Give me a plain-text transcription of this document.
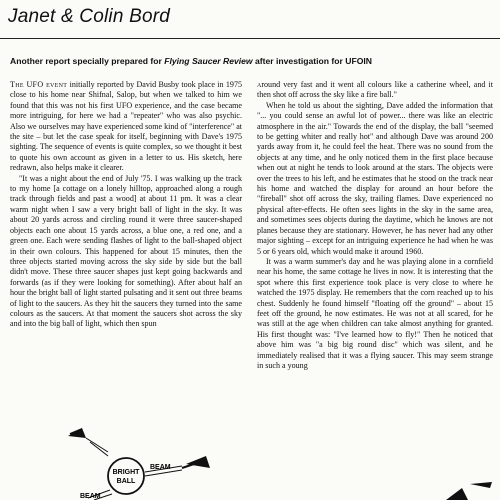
Janet & Colin Bord
Another report specially prepared for Flying Saucer Review after investigation for UFOIN

The UFO event initially reported by David Busby took place in 1975 close to his home near Shifnal, Salop, but when we talked to him we found that this was not his first UFO experience, and the case became more intriguing, for here we had a "repeater" who was also psychic. Also we ourselves may have experienced some kind of "interference" at the site – but let the case speak for itself, beginning with Dave's 1975 sighting. The sequence of events is quite complex, so we thought it best to quote his own account as given in a letter to us. His sketch, here redrawn, also helps make it clearer.

"It was a night about the end of July '75. I was walking up the track to my home [a cottage on a lonely hilltop, approached along a rough track through fields and past a wood] at about 11 pm. It was a clear warm night when I saw a very bright ball of light in the sky. It was about 20 yards across and circling round it were three saucer-shaped objects each one about 15 yards across, a blue one, a red one, and a green one. Each were sending flashes of light to the ball-shaped object in their own colours. This happened for about 15 minutes, then the three objects started moving across the sky side by side but the ball didn't move. These three saucer shapes just kept going backwards and forwards (as if they were looking for something). After about half an hour the bright ball of light started pulsating and it sent out three beams of light to the saucers. As they hit the saucers they turned into the same colours as the saucers. At that moment the saucers shot across the sky and into the big ball of light, which then spun

around very fast and it went all colours like a catherine wheel, and it then shot off across the sky like a fire ball."

When he told us about the sighting, Dave added the information that "... you could sense an awful lot of power... there was like an electric atmosphere in the air." Towards the end of the display, the ball "seemed to be getting whiter and really hot" and although Dave was around 200 yards away from it, he could feel the heat. There was no sound from the objects at any time, and he only noticed them in the first place because when out at night he tends to look around at the stars. The objects were over the trees to his left, and he estimates that he stood on the track near his home and watched the display for around an hour before the "fireball" shot off across the sky, trailing flames. Dave experienced no physical after-effects. He often sees lights in the sky in the same area, and sometimes sees objects during the daytime, which he knows are not planes because they are stationary. However, he has never had any other major sighting – except for an intriguing experience he had when he was 5 or 6 years old, which would make it around 1960.

It was a warm summer's day and he was playing alone in a cornfield near his home, the same cottage he lives in now. It is interesting that the spot where this first experience took place is very close to where he watched the 1975 display. He remembers that the corn reached up to his chest. Suddenly he found himself "floating off the ground" – about 15 feet off the ground, he now estimates. He was not at all scared, for he was still at the age when children can take almost anything for granted. His first thought was: "I've learned how to fly!" Then he noticed that above him was "a big big round disc" which was silent, and he immediately realised that it was a flying saucer. This may seem strange in such a young

BEAM
BRIGHT
BALL
BEAM
